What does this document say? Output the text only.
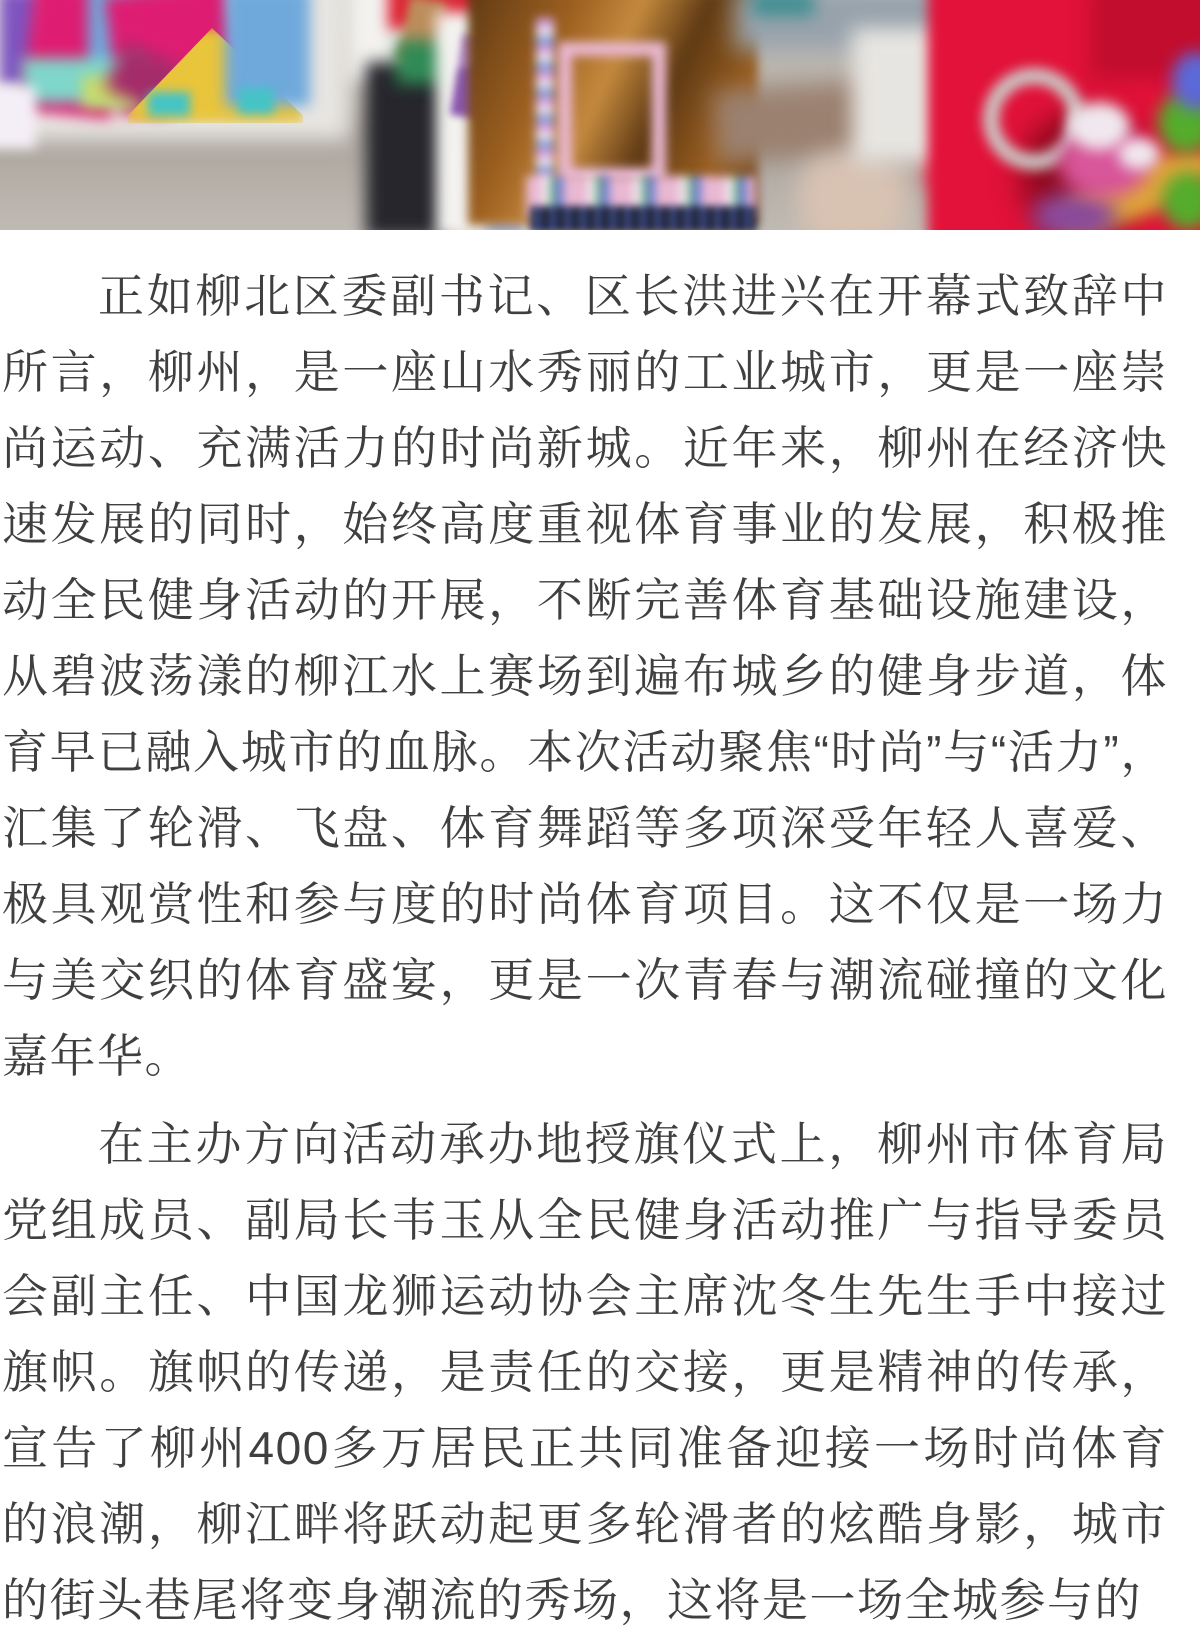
正如柳北区委副书记、区长洪进兴在开幕式致辞中所言，柳州，是一座山水秀丽的工业城市，更是一座崇尚运动、充满活力的时尚新城。近年来，柳州在经济快速发展的同时，始终高度重视体育事业的发展，积极推动全民健身活动的开展，不断完善体育基础设施建设，从碧波荡漾的柳江水上赛场到遍布城乡的健身步道，体育早已融入城市的血脉。本次活动聚焦“时尚”与“活力”，汇集了轮滑、飞盘、体育舞蹈等多项深受年轻人喜爱、极具观赏性和参与度的时尚体育项目。这不仅是一场力与美交织的体育盛宴，更是一次青春与潮流碰撞的文化嘉年华。

在主办方向活动承办地授旗仪式上，柳州市体育局党组成员、副局长韦玉从全民健身活动推广与指导委员会副主任、中国龙狮运动协会主席沈冬生先生手中接过旗帜。旗帜的传递，是责任的交接，更是精神的传承，宣告了柳州400多万居民正共同准备迎接一场时尚体育的浪潮，柳江畔将跃动起更多轮滑者的炫酷身影，城市的街头巷尾将变身潮流的秀场，这将是一场全城参与的
